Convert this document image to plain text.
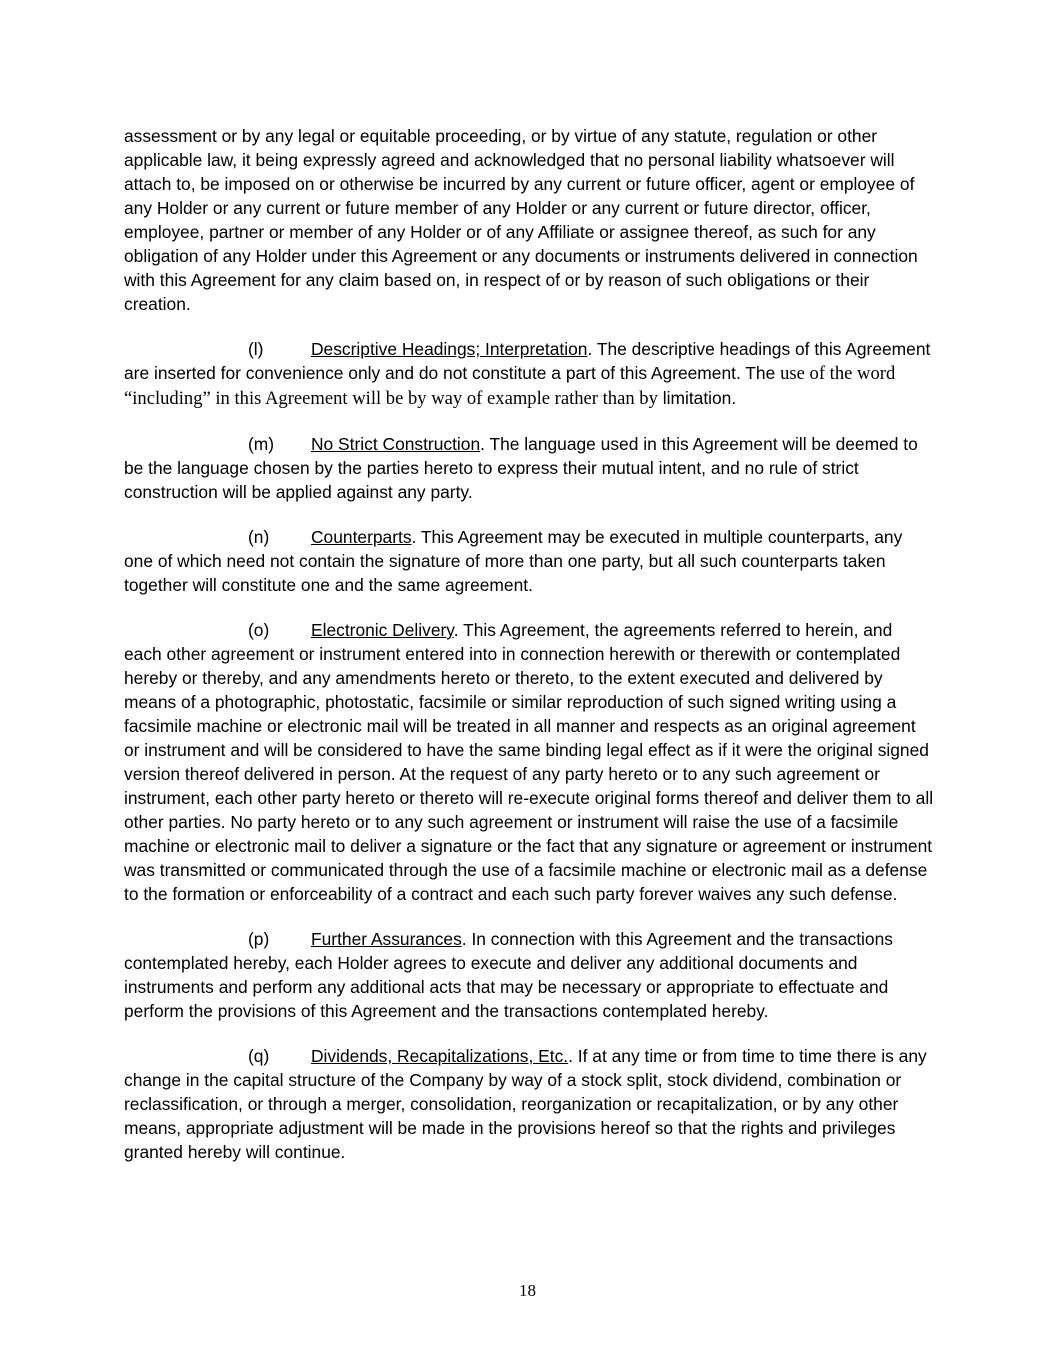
assessment or by any legal or equitable proceeding, or by virtue of any statute, regulation or other applicable law, it being expressly agreed and acknowledged that no personal liability whatsoever will attach to, be imposed on or otherwise be incurred by any current or future officer, agent or employee of any Holder or any current or future member of any Holder or any current or future director, officer, employee, partner or member of any Holder or of any Affiliate or assignee thereof, as such for any obligation of any Holder under this Agreement or any documents or instruments delivered in connection with this Agreement for any claim based on, in respect of or by reason of such obligations or their creation.

(l)	Descriptive Headings; Interpretation. The descriptive headings of this Agreement are inserted for convenience only and do not constitute a part of this Agreement. The use of the word “including” in this Agreement will be by way of example rather than by limitation.

(m) No Strict Construction. The language used in this Agreement will be deemed to be the language chosen by the parties hereto to express their mutual intent, and no rule of strict construction will be applied against any party.

(n) Counterparts. This Agreement may be executed in multiple counterparts, any one of which need not contain the signature of more than one party, but all such counterparts taken together will constitute one and the same agreement.

(o) Electronic Delivery. This Agreement, the agreements referred to herein, and each other agreement or instrument entered into in connection herewith or therewith or contemplated hereby or thereby, and any amendments hereto or thereto, to the extent executed and delivered by means of a photographic, photostatic, facsimile or similar reproduction of such signed writing using a facsimile machine or electronic mail will be treated in all manner and respects as an original agreement or instrument and will be considered to have the same binding legal effect as if it were the original signed version thereof delivered in person. At the request of any party hereto or to any such agreement or instrument, each other party hereto or thereto will re-execute original forms thereof and deliver them to all other parties. No party hereto or to any such agreement or instrument will raise the use of a facsimile machine or electronic mail to deliver a signature or the fact that any signature or agreement or instrument was transmitted or communicated through the use of a facsimile machine or electronic mail as a defense to the formation or enforceability of a contract and each such party forever waives any such defense.

(p) Further Assurances. In connection with this Agreement and the transactions contemplated hereby, each Holder agrees to execute and deliver any additional documents and instruments and perform any additional acts that may be necessary or appropriate to effectuate and perform the provisions of this Agreement and the transactions contemplated hereby.

(q) Dividends, Recapitalizations, Etc.. If at any time or from time to time there is any change in the capital structure of the Company by way of a stock split, stock dividend, combination or reclassification, or through a merger, consolidation, reorganization or recapitalization, or by any other means, appropriate adjustment will be made in the provisions hereof so that the rights and privileges granted hereby will continue.

18
